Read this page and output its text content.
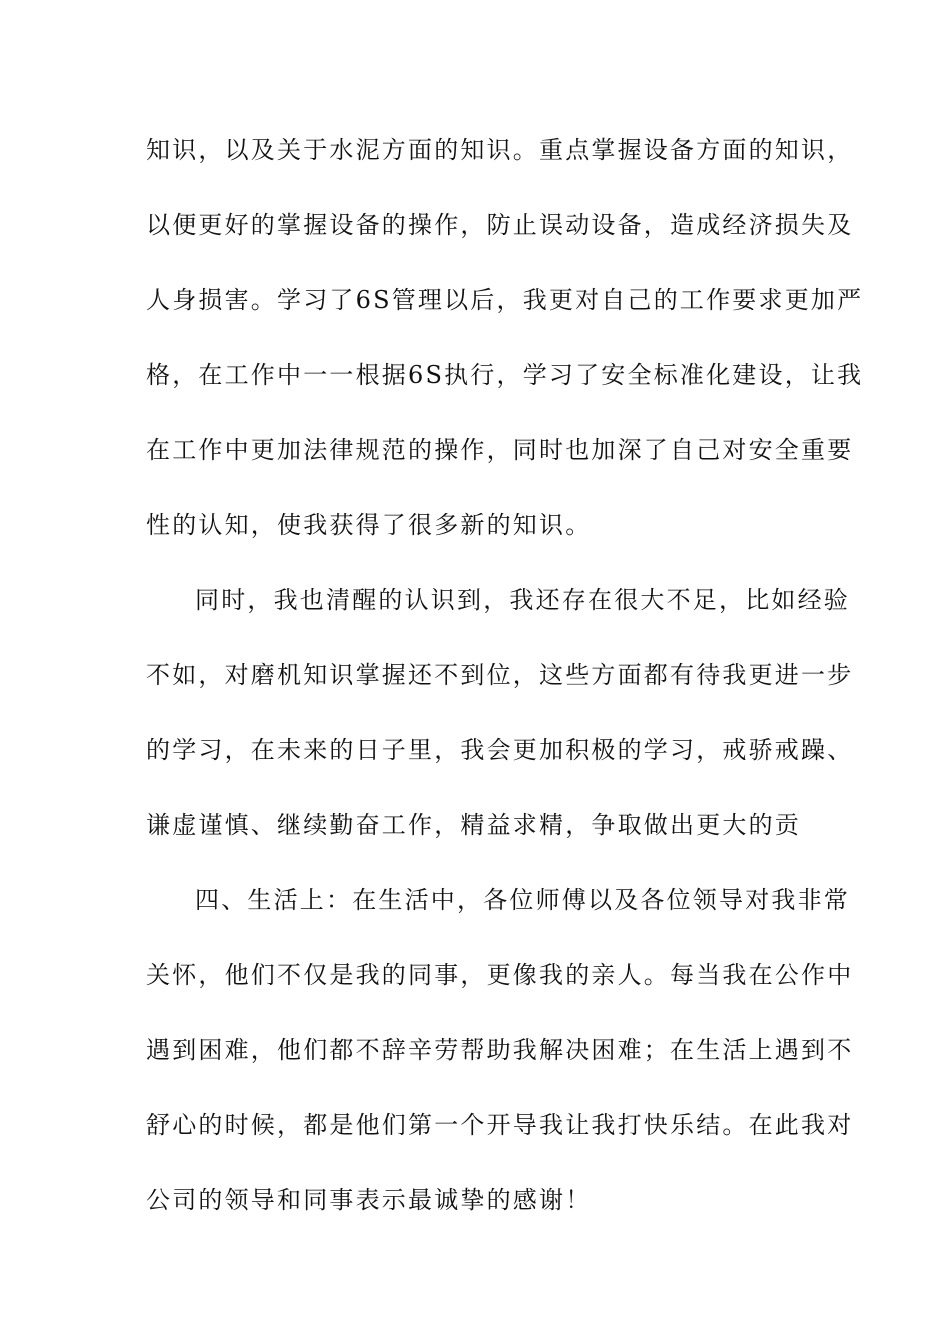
知识，以及关于水泥方面的知识。重点掌握设备方面的知识，
以便更好的掌握设备的操作，防止误动设备，造成经济损失及
人身损害。学习了6S管理以后，我更对自己的工作要求更加严
格，在工作中一一根据6S执行，学习了安全标准化建设，让我
在工作中更加法律规范的操作，同时也加深了自己对安全重要
性的认知，使我获得了很多新的知识。
同时，我也清醒的认识到，我还存在很大不足，比如经验
不如，对磨机知识掌握还不到位，这些方面都有待我更进一步
的学习，在未来的日子里，我会更加积极的学习，戒骄戒躁、
谦虚谨慎、继续勤奋工作，精益求精，争取做出更大的贡
四、生活上：在生活中，各位师傅以及各位领导对我非常
关怀，他们不仅是我的同事，更像我的亲人。每当我在公作中
遇到困难，他们都不辞辛劳帮助我解决困难；在生活上遇到不
舒心的时候，都是他们第一个开导我让我打快乐结。在此我对
公司的领导和同事表示最诚挚的感谢！
